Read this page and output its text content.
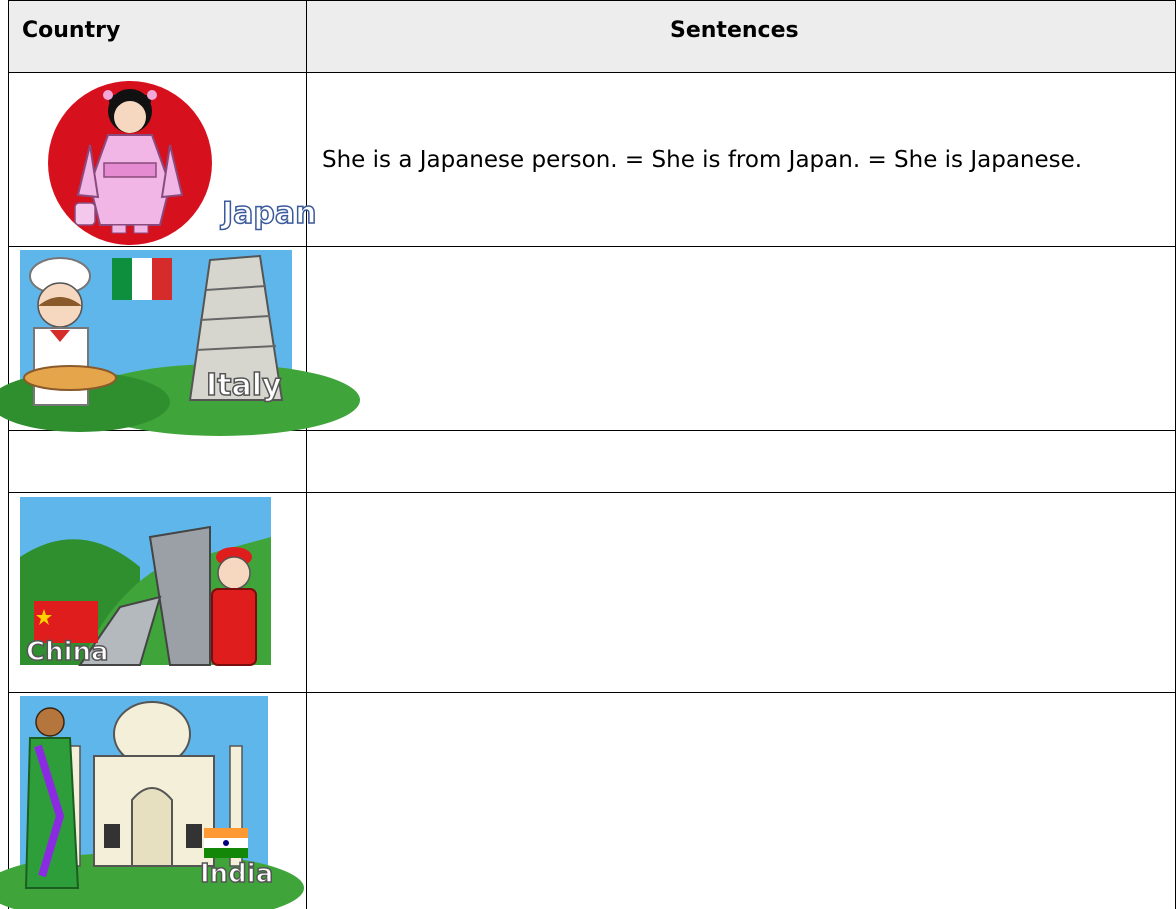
Country	Sentences
Japan
She is a Japanese person. = She is from Japan. = She is Japanese.
Italy
China
India
